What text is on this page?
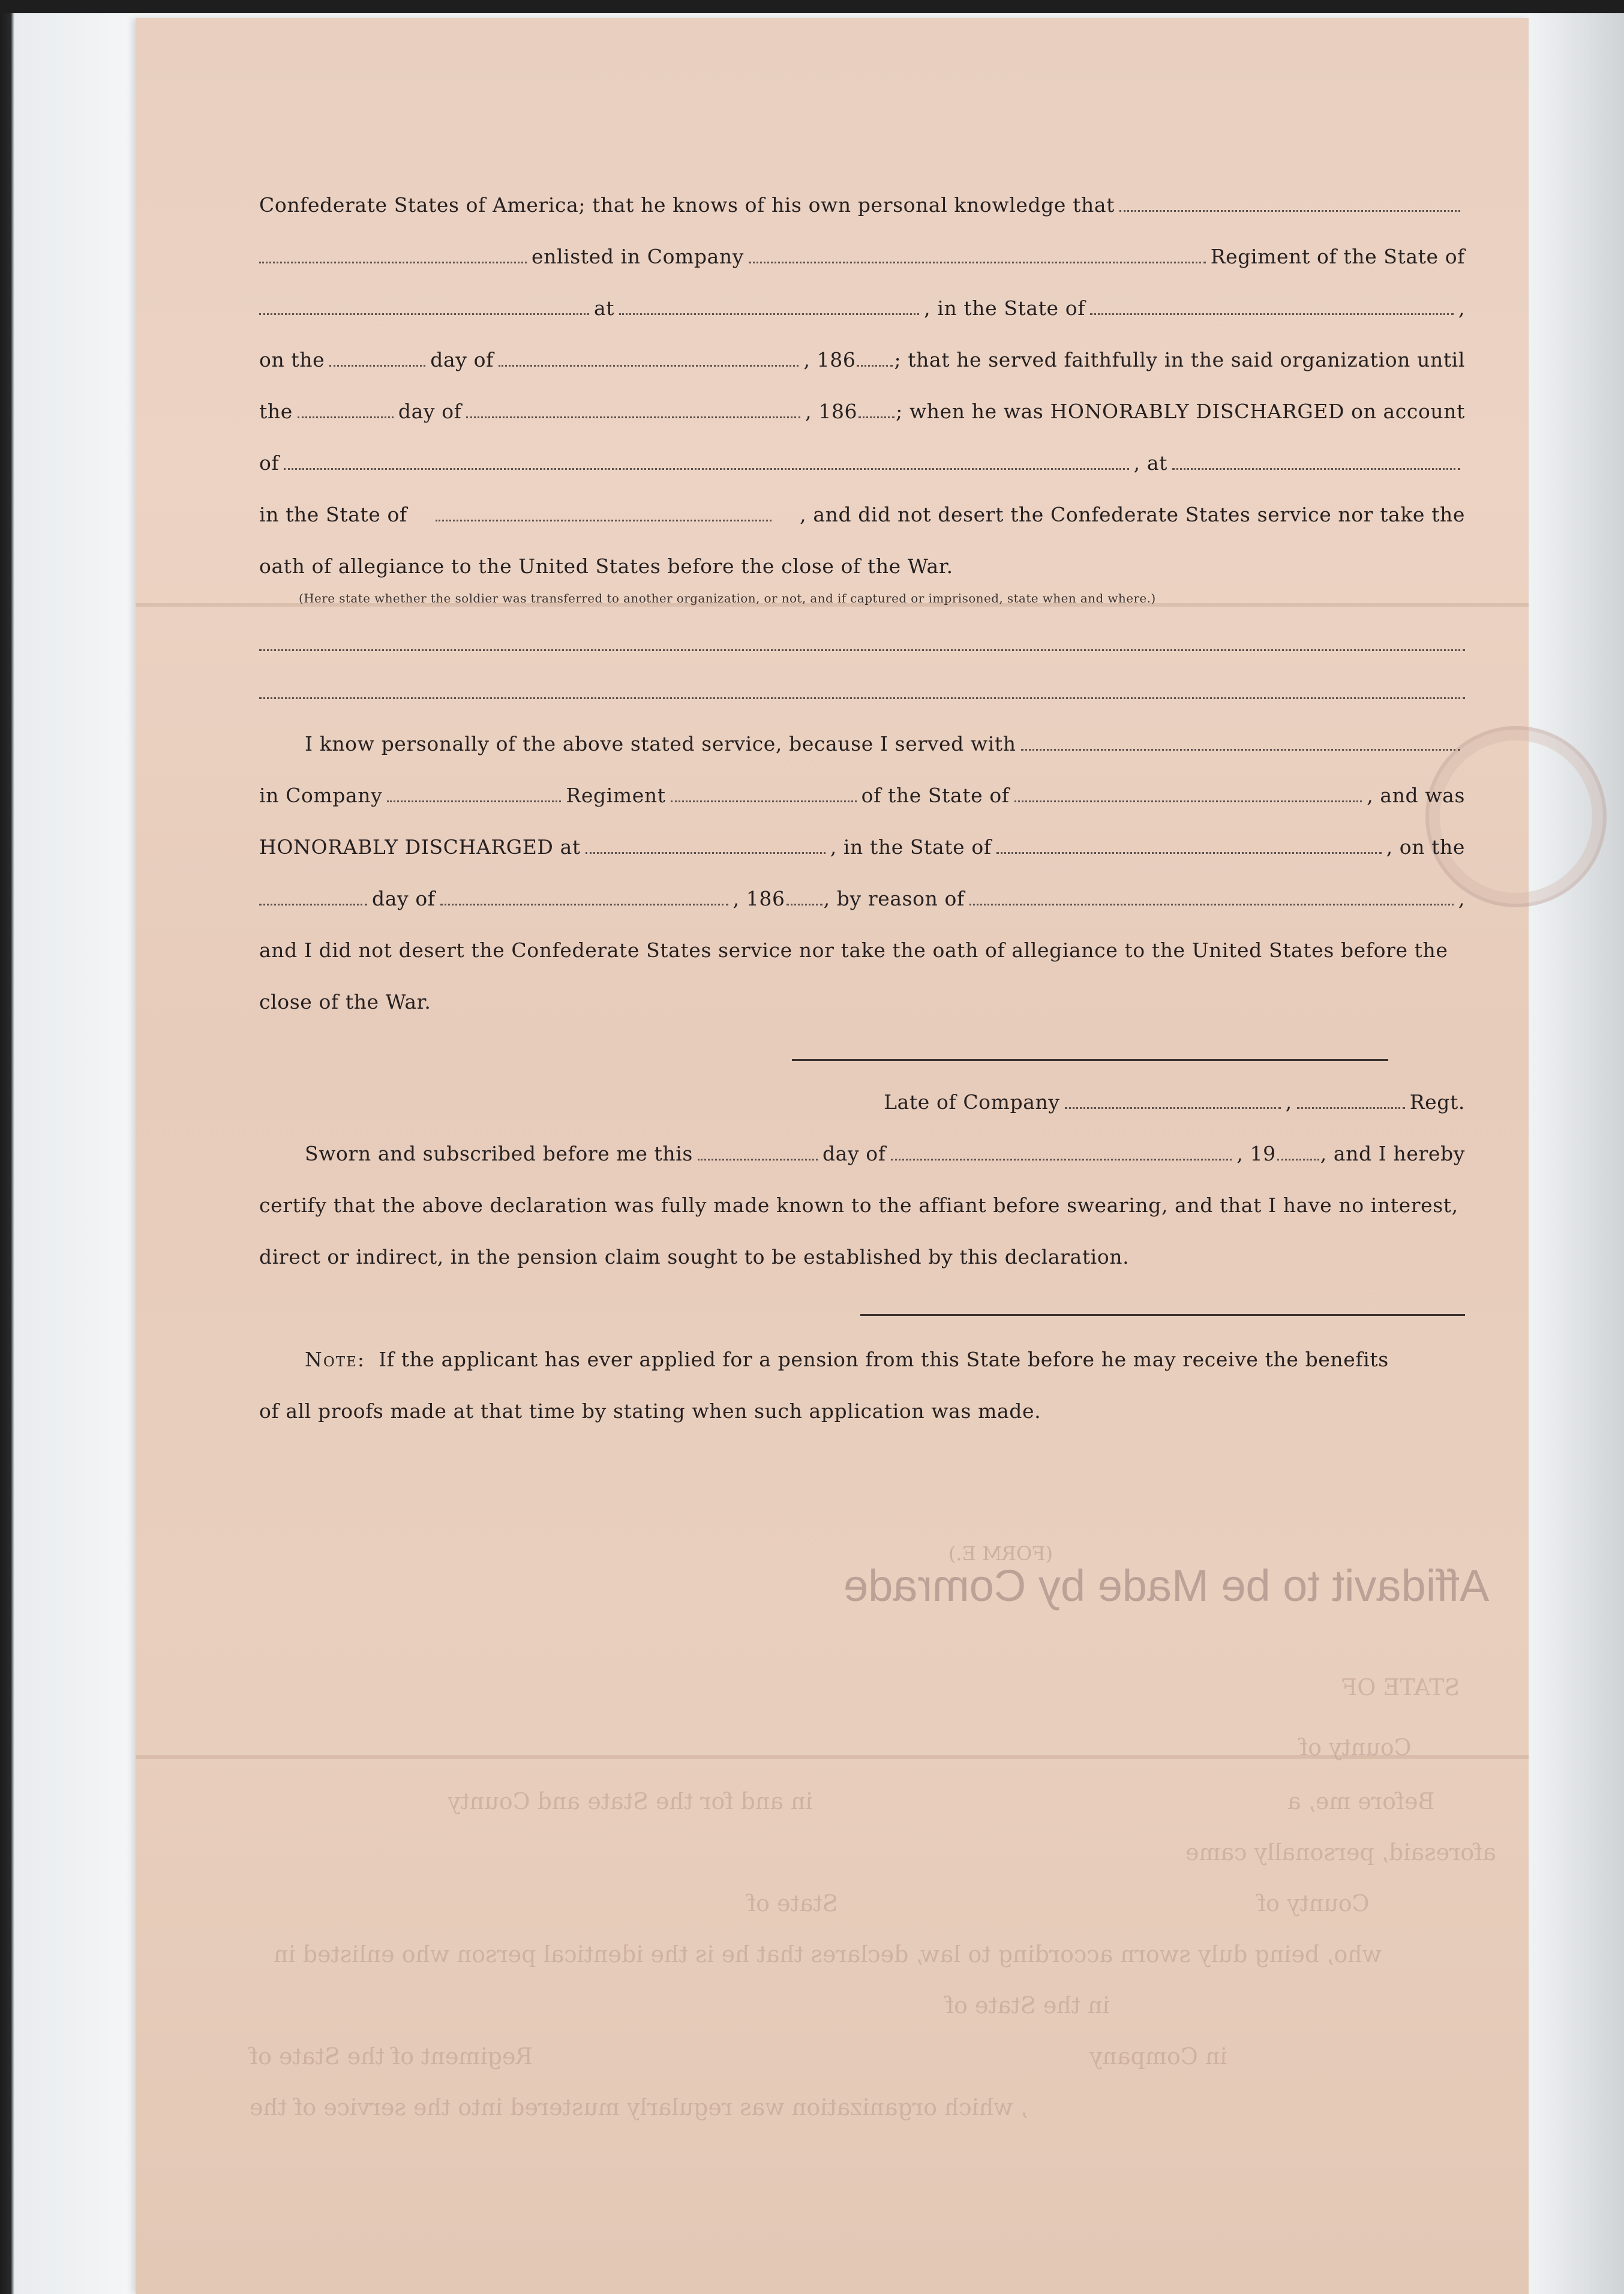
(FORM E.)
Affidavit to be Made by Comrade
STATE OF
County of
Before me, a
in and for the State and County
aforesaid, personally came
County of
State of
who, being duly sworn according to law, declares that he is the identical person who enlisted in
in the State of
in Company
Regiment of the State of
, which organization was regularly mustered into the service of the
Confederate States of America; that he knows of his own personal knowledge that
enlisted in Company	Regiment of the State of
at	, in the State of	,
on the	day of	, 186 ; that he served faithfully in the said organization until
the	day of	, 186 ; when he was HONORABLY DISCHARGED on account
of	, at
in the State of	, and did not desert the Confederate States service nor take the
oath of allegiance to the United States before the close of the War.
(Here state whether the soldier was transferred to another organization, or not, and if captured or imprisoned, state when and where.)
I know personally of the above stated service, because I served with
in Company	Regiment	of the State of	, and was
HONORABLY DISCHARGED at	, in the State of	, on the
day of	, 186 , by reason of	,
and I did not desert the Confederate States service nor take the oath of allegiance to the United States before the
close of the War.
Late of Company	,	Regt.
Sworn and subscribed before me this	day of	, 19 , and I hereby
certify that the above declaration was fully made known to the affiant before swearing, and that I have no interest,
direct or indirect, in the pension claim sought to be established by this declaration.
Note: If the applicant has ever applied for a pension from this State before he may receive the benefits
of all proofs made at that time by stating when such application was made.
